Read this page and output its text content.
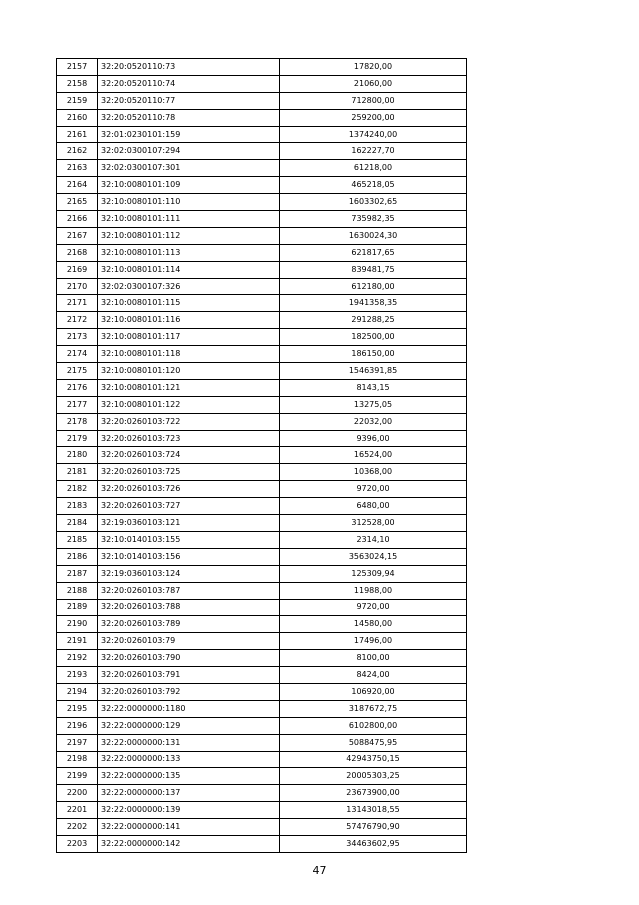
2157	32:20:0520110:73	17820,00
2158	32:20:0520110:74	21060,00
2159	32:20:0520110:77	712800,00
2160	32:20:0520110:78	259200,00
2161	32:01:0230101:159	1374240,00
2162	32:02:0300107:294	162227,70
2163	32:02:0300107:301	61218,00
2164	32:10:0080101:109	465218,05
2165	32:10:0080101:110	1603302,65
2166	32:10:0080101:111	735982,35
2167	32:10:0080101:112	1630024,30
2168	32:10:0080101:113	621817,65
2169	32:10:0080101:114	839481,75
2170	32:02:0300107:326	612180,00
2171	32:10:0080101:115	1941358,35
2172	32:10:0080101:116	291288,25
2173	32:10:0080101:117	182500,00
2174	32:10:0080101:118	186150,00
2175	32:10:0080101:120	1546391,85
2176	32:10:0080101:121	8143,15
2177	32:10:0080101:122	13275,05
2178	32:20:0260103:722	22032,00
2179	32:20:0260103:723	9396,00
2180	32:20:0260103:724	16524,00
2181	32:20:0260103:725	10368,00
2182	32:20:0260103:726	9720,00
2183	32:20:0260103:727	6480,00
2184	32:19:0360103:121	312528,00
2185	32:10:0140103:155	2314,10
2186	32:10:0140103:156	3563024,15
2187	32:19:0360103:124	125309,94
2188	32:20:0260103:787	11988,00
2189	32:20:0260103:788	9720,00
2190	32:20:0260103:789	14580,00
2191	32:20:0260103:79	17496,00
2192	32:20:0260103:790	8100,00
2193	32:20:0260103:791	8424,00
2194	32:20:0260103:792	106920,00
2195	32:22:0000000:1180	3187672,75
2196	32:22:0000000:129	6102800,00
2197	32:22:0000000:131	5088475,95
2198	32:22:0000000:133	42943750,15
2199	32:22:0000000:135	20005303,25
2200	32:22:0000000:137	23673900,00
2201	32:22:0000000:139	13143018,55
2202	32:22:0000000:141	57476790,90
2203	32:22:0000000:142	34463602,95
47
